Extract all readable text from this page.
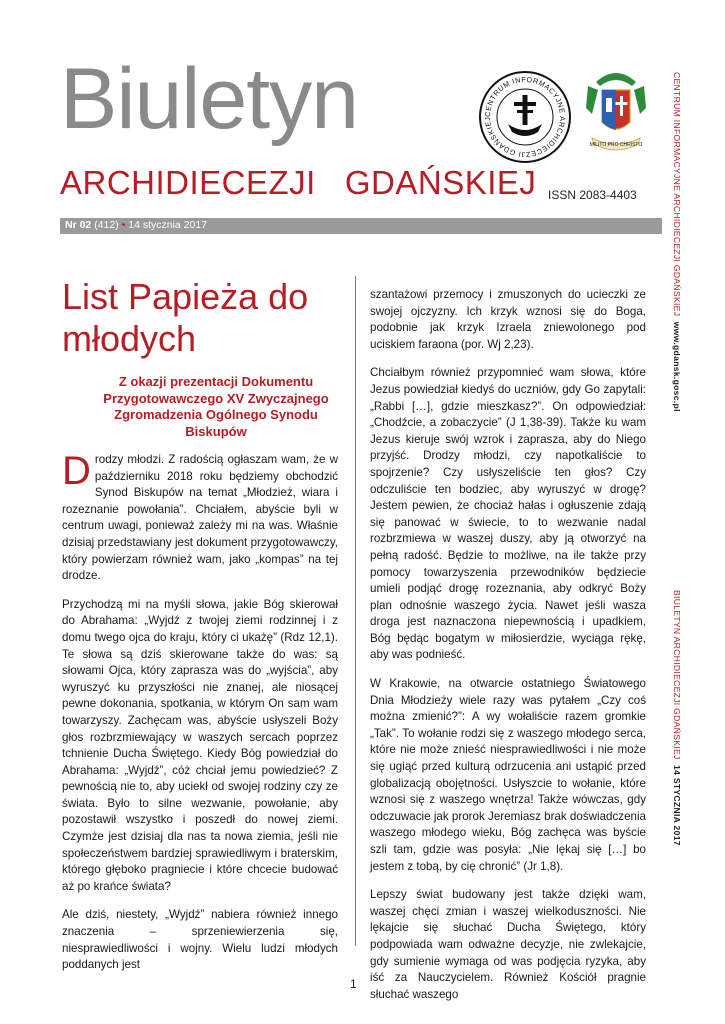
Biuletyn
ARCHIDIECEZJI   GDAŃSKIEJ
CENTRUM INFORMACYJNE ARCHIDIECEZJI GDAŃSKIEJ
MILITO PRO CHRISTO
ISSN 2083-4403	CENTRUM INFORMACYJNE ARCHIDIECEZJI GDAŃSKIEJ  www.gdansk.gosc.pl
BIULETYN ARCHIDIECEZJI GDAŃSKIEJ  14 STYCZNIA 2017
Nr 02 (412) • 14 stycznia 2017
List Papieża do młodych
Z okazji prezentacji Dokumentu Przygotowawczego XV Zwyczajnego Zgromadzenia Ogólnego Synodu Biskupów

Drodzy młodzi. Z radością ogłaszam wam, że w październiku 2018 roku będziemy obchodzić Synod Biskupów na temat „Młodzież, wiara i rozeznanie powołania”. Chciałem, abyście byli w centrum uwagi, ponieważ zależy mi na was. Właśnie dzisiaj przedstawiany jest dokument przygotowawczy, który powierzam również wam, jako „kompas” na tej drodze.

Przychodzą mi na myśli słowa, jakie Bóg skierował do Abrahama: „Wyjdź z twojej ziemi rodzinnej i z domu twego ojca do kraju, który ci ukażę” (Rdz 12,1). Te słowa są dziś skierowane także do was: są słowami Ojca, który zaprasza was do „wyjścia”, aby wyruszyć ku przyszłości nie znanej, ale niosącej pewne dokonania, spotkania, w którym On sam wam towarzyszy. Zachęcam was, abyście usłyszeli Boży głos rozbrzmiewający w waszych sercach poprzez tchnienie Ducha Świętego. Kiedy Bóg powiedział do Abrahama: „Wyjdź”, cóż chciał jemu powiedzieć? Z pewnością nie to, aby uciekł od swojej rodziny czy ze świata. Było to silne wezwanie, powołanie, aby pozostawił wszystko i poszedł do nowej ziemi. Czymże jest dzisiaj dla nas ta nowa ziemia, jeśli nie społeczeństwem bardziej sprawiedliwym i braterskim, którego głęboko pragniecie i które chcecie budować aż po krańce świata?

Ale dziś, niestety, „Wyjdź” nabiera również innego znaczenia – sprzeniewierzenia się, niesprawiedliwości i wojny. Wielu ludzi młodych poddanych jest

szantażowi przemocy i zmuszonych do ucieczki ze swojej ojczyzny. Ich krzyk wznosi się do Boga, podobnie jak krzyk Izraela zniewolonego pod uciskiem faraona (por. Wj 2,23).

Chciałbym również przypomnieć wam słowa, które Jezus powiedział kiedyś do uczniów, gdy Go zapytali: „Rabbi […], gdzie mieszkasz?”. On odpowiedział: „Chodźcie, a zobaczycie” (J 1,38-39). Także ku wam Jezus kieruje swój wzrok i zaprasza, aby do Niego przyjść. Drodzy młodzi, czy napotkaliście to spojrzenie? Czy usłyszeliście ten głos? Czy odczuliście ten bodziec, aby wyruszyć w drogę? Jestem pewien, że chociaż hałas i ogłuszenie zdają się panować w świecie, to to wezwanie nadal rozbrzmiewa w waszej duszy, aby ją otworzyć na pełną radość. Będzie to możliwe, na ile także przy pomocy towarzyszenia przewodników będziecie umieli podjąć drogę rozeznania, aby odkryć Boży plan odnośnie waszego życia. Nawet jeśli wasza droga jest naznaczona niepewnością i upadkiem, Bóg będąc bogatym w miłosierdzie, wyciąga rękę, aby was podnieść.

W Krakowie, na otwarcie ostatniego Światowego Dnia Młodzieży wiele razy was pytałem „Czy coś można zmienić?”: A wy wołaliście razem gromkie „Tak”. To wołanie rodzi się z waszego młodego serca, które nie może znieść niesprawiedliwości i nie może się ugiąć przed kulturą odrzucenia ani ustąpić przed globalizacją obojętności. Usłyszcie to wołanie, które wznosi się z waszego wnętrza! Także wówczas, gdy odczuwacie jak prorok Jeremiasz brak doświadczenia waszego młodego wieku, Bóg zachęca was byście szli tam, gdzie was posyła: „Nie lękaj się […] bo jestem z tobą, by cię chronić” (Jr 1,8).

Lepszy świat budowany jest także dzięki wam, waszej chęci zmian i waszej wielkoduszności. Nie lękajcie się słuchać Ducha Świętego, który podpowiada wam odważne decyzje, nie zwlekajcie, gdy sumienie wymaga od was podjęcia ryzyka, aby iść za Nauczycielem. Również Kościół pragnie słuchać waszego

1
